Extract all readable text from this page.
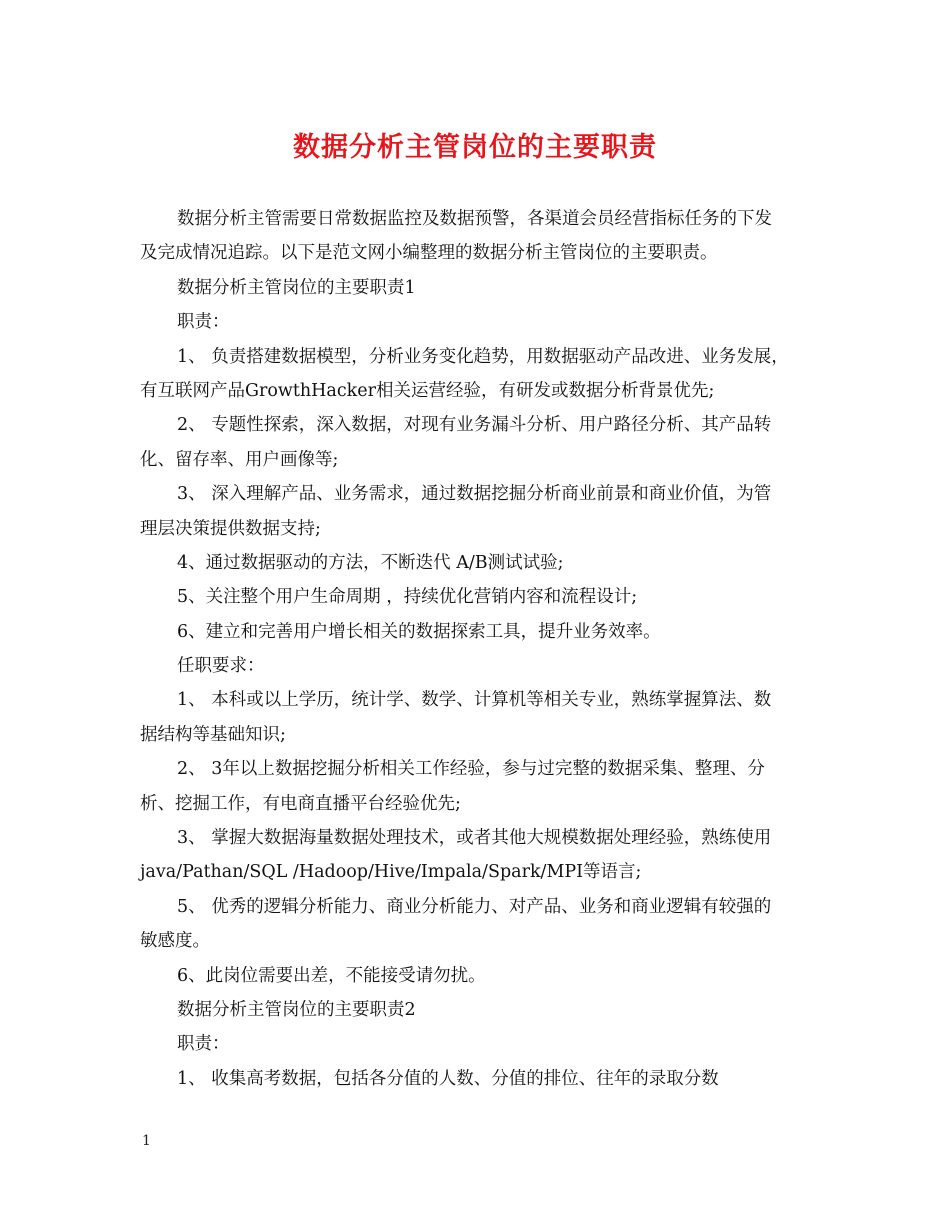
数据分析主管岗位的主要职责

数据分析主管需要日常数据监控及数据预警，各渠道会员经营指标任务的下发

及完成情况追踪。以下是范文网小编整理的数据分析主管岗位的主要职责。

数据分析主管岗位的主要职责1

职责：

1、 负责搭建数据模型，分析业务变化趋势，用数据驱动产品改进、业务发展，

有互联网产品GrowthHacker相关运营经验，有研发或数据分析背景优先;

2、 专题性探索，深入数据，对现有业务漏斗分析、用户路径分析、其产品转

化、留存率、用户画像等;

3、 深入理解产品、业务需求，通过数据挖掘分析商业前景和商业价值，为管

理层决策提供数据支持;

4、通过数据驱动的方法，不断迭代 A/B测试试验;

5、关注整个用户生命周期 ，持续优化营销内容和流程设计;

6、建立和完善用户增长相关的数据探索工具，提升业务效率。

任职要求：

1、 本科或以上学历，统计学、数学、计算机等相关专业，熟练掌握算法、数

据结构等基础知识;

2、 3年以上数据挖掘分析相关工作经验，参与过完整的数据采集、整理、分

析、挖掘工作，有电商直播平台经验优先;

3、 掌握大数据海量数据处理技术，或者其他大规模数据处理经验，熟练使用

java/Pathan/SQL /Hadoop/Hive/Impala/Spark/MPI等语言;

5、 优秀的逻辑分析能力、商业分析能力、对产品、业务和商业逻辑有较强的

敏感度。

6、此岗位需要出差，不能接受请勿扰。

数据分析主管岗位的主要职责2

职责：

1、 收集高考数据，包括各分值的人数、分值的排位、往年的录取分数

1
